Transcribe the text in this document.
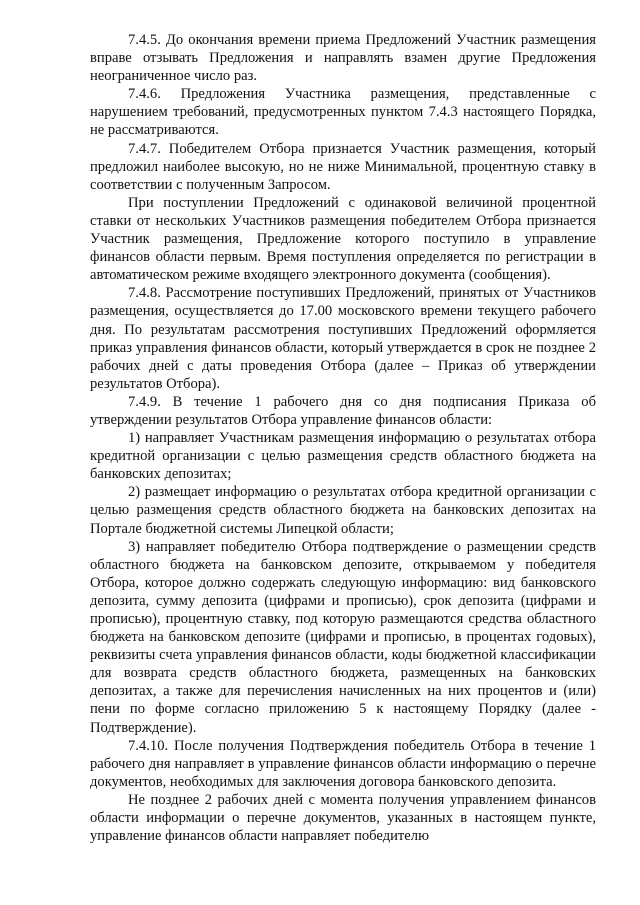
7.4.5. До окончания времени приема Предложений Участник размещения вправе отзывать Предложения и направлять взамен другие Предложения неограниченное число раз.

7.4.6. Предложения Участника размещения, представленные с нарушением требований, предусмотренных пунктом 7.4.3 настоящего Порядка, не рассматриваются.

7.4.7. Победителем Отбора признается Участник размещения, который предложил наиболее высокую, но не ниже Минимальной, процентную ставку в соответствии с полученным Запросом.

При поступлении Предложений с одинаковой величиной процентной ставки от нескольких Участников размещения победителем Отбора признается Участник размещения, Предложение которого поступило в управление финансов области первым. Время поступления определяется по регистрации в автоматическом режиме входящего электронного документа (сообщения).

7.4.8. Рассмотрение поступивших Предложений, принятых от Участников размещения, осуществляется до 17.00 московского времени текущего рабочего дня. По результатам рассмотрения поступивших Предложений оформляется приказ управления финансов области, который утверждается в срок не позднее 2 рабочих дней с даты проведения Отбора (далее – Приказ об утверждении результатов Отбора).

7.4.9. В течение 1 рабочего дня со дня подписания Приказа об утверждении результатов Отбора управление финансов области:

1) направляет Участникам размещения информацию о результатах отбора кредитной организации с целью размещения средств областного бюджета на банковских депозитах;

2) размещает информацию о результатах отбора кредитной организации с целью размещения средств областного бюджета на банковских депозитах на Портале бюджетной системы Липецкой области;

3) направляет победителю Отбора подтверждение о размещении средств областного бюджета на банковском депозите, открываемом у победителя Отбора, которое должно содержать следующую информацию: вид банковского депозита, сумму депозита (цифрами и прописью), срок депозита (цифрами и прописью), процентную ставку, под которую размещаются средства областного бюджета на банковском депозите (цифрами и прописью, в процентах годовых), реквизиты счета управления финансов области, коды бюджетной классификации для возврата средств областного бюджета, размещенных на банковских депозитах, а также для перечисления начисленных на них процентов и (или) пени по форме согласно приложению 5 к настоящему Порядку (далее - Подтверждение).

7.4.10. После получения Подтверждения победитель Отбора в течение 1 рабочего дня направляет в управление финансов области информацию о перечне документов, необходимых для заключения договора банковского депозита.

Не позднее 2 рабочих дней с момента получения управлением финансов области информации о перечне документов, указанных в настоящем пункте, управление финансов области направляет победителю
